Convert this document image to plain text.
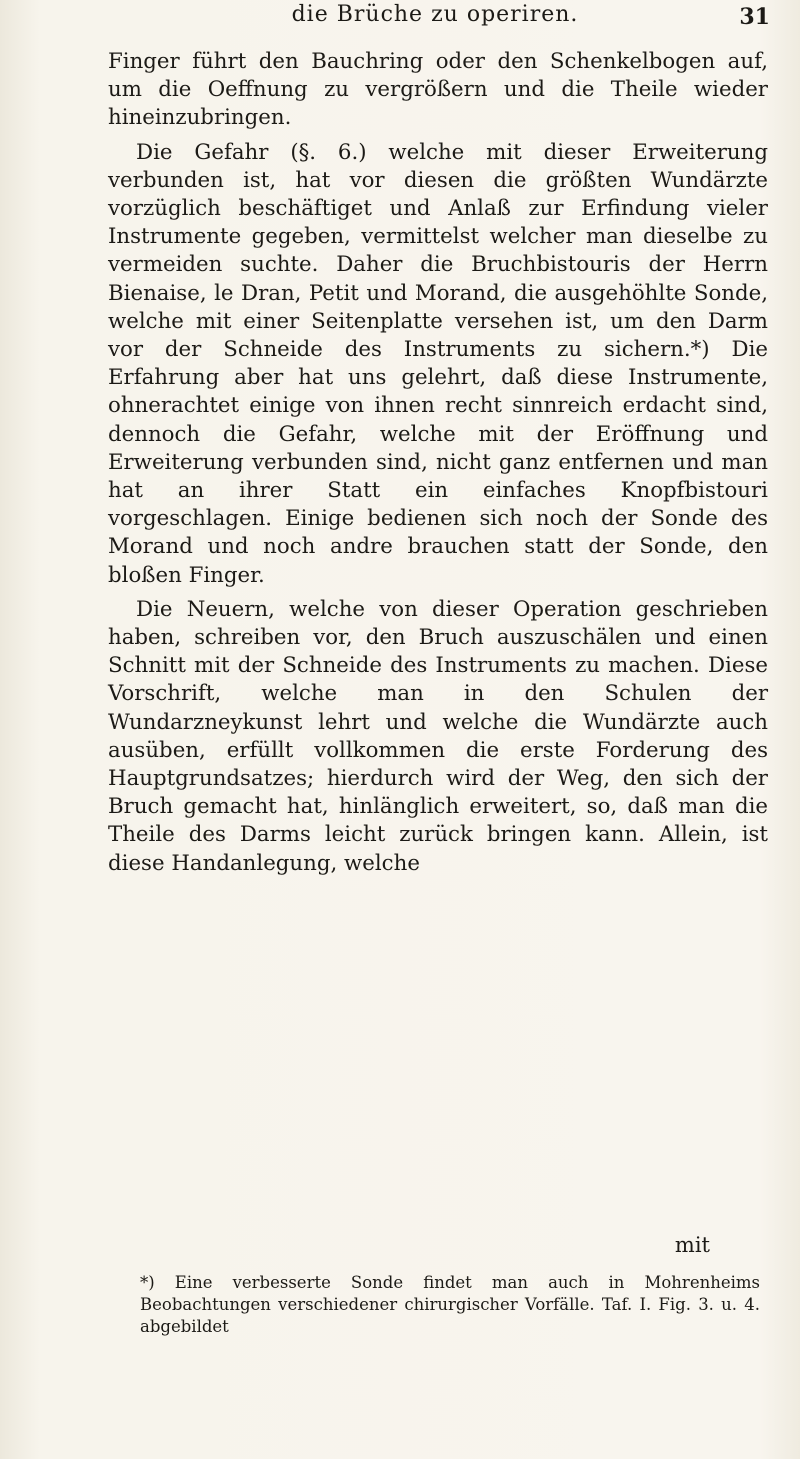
die Brüche zu operiren.	31

Finger führt den Bauchring oder den Schenkelbogen auf, um die Oeffnung zu vergrößern und die Theile wieder hineinzubringen.

Die Gefahr (§. 6.) welche mit dieser Erweiterung verbunden ist, hat vor diesen die größten Wundärzte vorzüglich beschäftiget und Anlaß zur Erfindung vieler Instrumente gegeben, vermittelst welcher man dieselbe zu vermeiden suchte. Daher die Bruchbistouris der Herrn Bienaise, le Dran, Petit und Morand, die ausgehöhlte Sonde, welche mit einer Seitenplatte versehen ist, um den Darm vor der Schneide des Instruments zu sichern.*) Die Erfahrung aber hat uns gelehrt, daß diese Instrumente, ohnerachtet einige von ihnen recht sinnreich erdacht sind, dennoch die Gefahr, welche mit der Eröffnung und Erweiterung verbunden sind, nicht ganz entfernen und man hat an ihrer Statt ein einfaches Knopfbistouri vorgeschlagen. Einige bedienen sich noch der Sonde des Morand und noch andre brauchen statt der Sonde, den bloßen Finger.

Die Neuern, welche von dieser Operation geschrieben haben, schreiben vor, den Bruch auszuschälen und einen Schnitt mit der Schneide des Instruments zu machen. Diese Vorschrift, welche man in den Schulen der Wundarzneykunst lehrt und welche die Wundärzte auch ausüben, erfüllt vollkommen die erste Forderung des Hauptgrundsatzes; hierdurch wird der Weg, den sich der Bruch gemacht hat, hinlänglich erweitert, so, daß man die Theile des Darms leicht zurück bringen kann. Allein, ist diese Handanlegung, welche

mit
*) Eine verbesserte Sonde findet man auch in Mohrenheims Beobachtungen verschiedener chirurgischer Vorfälle. Taf. I. Fig. 3. u. 4. abgebildet
